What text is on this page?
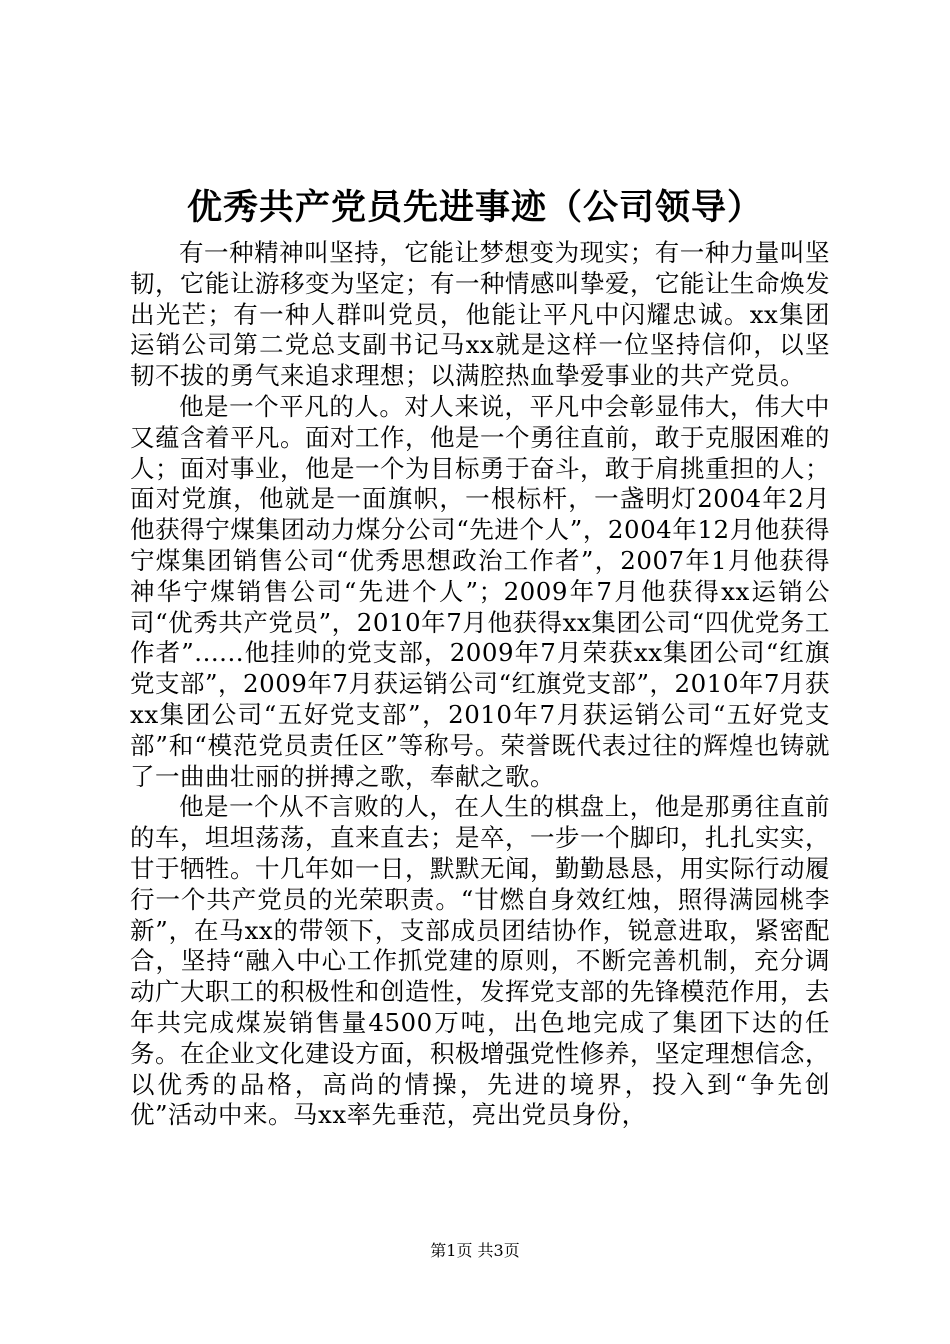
优秀共产党员先进事迹（公司领导）

有一种精神叫坚持，它能让梦想变为现实；有一种力量叫坚韧，它能让游移变为坚定；有一种情感叫挚爱，它能让生命焕发出光芒；有一种人群叫党员，他能让平凡中闪耀忠诚。xx集团运销公司第二党总支副书记马xx就是这样一位坚持信仰，以坚韧不拔的勇气来追求理想；以满腔热血挚爱事业的共产党员。

他是一个平凡的人。对人来说，平凡中会彰显伟大，伟大中又蕴含着平凡。面对工作，他是一个勇往直前，敢于克服困难的人；面对事业，他是一个为目标勇于奋斗，敢于肩挑重担的人；面对党旗，他就是一面旗帜，一根标杆，一盏明灯2004年2月他获得宁煤集团动力煤分公司“先进个人”，2004年12月他获得宁煤集团销售公司“优秀思想政治工作者”，2007年1月他获得神华宁煤销售公司“先进个人”；2009年7月他获得xx运销公司“优秀共产党员”，2010年7月他获得xx集团公司“四优党务工作者”......他挂帅的党支部，2009年7月荣获xx集团公司“红旗党支部”，2009年7月获运销公司“红旗党支部”，2010年7月获xx集团公司“五好党支部”，2010年7月获运销公司“五好党支部”和“模范党员责任区”等称号。荣誉既代表过往的辉煌也铸就了一曲曲壮丽的拼搏之歌，奉献之歌。

他是一个从不言败的人，在人生的棋盘上，他是那勇往直前的车，坦坦荡荡，直来直去；是卒，一步一个脚印，扎扎实实，甘于牺牲。十几年如一日，默默无闻，勤勤恳恳，用实际行动履行一个共产党员的光荣职责。“甘燃自身效红烛，照得满园桃李新”，在马xx的带领下，支部成员团结协作，锐意进取，紧密配合，坚持“融入中心工作抓党建的原则，不断完善机制，充分调动广大职工的积极性和创造性，发挥党支部的先锋模范作用，去年共完成煤炭销售量4500万吨，出色地完成了集团下达的任务。在企业文化建设方面，积极增强党性修养，坚定理想信念，以优秀的品格，高尚的情操，先进的境界，投入到“争先创优”活动中来。马xx率先垂范，亮出党员身份，

第1页 共3页
